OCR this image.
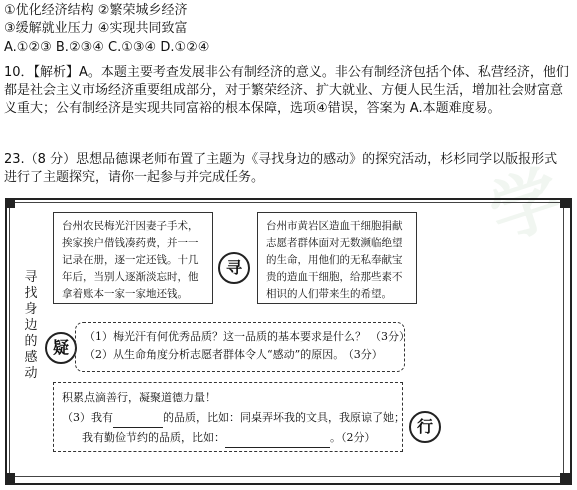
学
①优化经济结构 ②繁荣城乡经济
③缓解就业压力 ④实现共同致富
A.①②③ B.②③④ C.①③④ D.①②④
10．【解析】A。本题主要考查发展非公有制经济的意义。非公有制经济包括个体、私营经济，他们都是社会主义市场经济重要组成部分，对于繁荣经济、扩大就业、方便人民生活，增加社会财富意义重大；公有制经济是实现共同富裕的根本保障，选项④错误，答案为 A.本题难度易。
23.（8 分）思想品德课老师布置了主题为《寻找身边的感动》的探究活动，杉杉同学以版报形式进行了主题探究，请你一起参与并完成任务。
寻找身边的感动
台州农民梅光汗因妻子手术，挨家挨户借钱凑药费，并一一记录在册，逐一定还钱。十几年后，当别人逐渐淡忘时，他拿着账本一家一家地还钱。
台州市黄岩区造血干细胞捐献志愿者群体面对无数濒临绝望的生命，用他们的无私奉献宝贵的造血干细胞，给那些素不相识的人们带来生的希望。
寻
疑
（1）梅光汗有何优秀品质？这一品质的基本要求是什么？ （3分）
（2）从生命角度分析志愿者群体令人“感动”的原因。 （3分）
积累点滴善行，凝聚道德力量！
（3）我有	的品质，比如：同桌弄坏我的文具，我原谅了她；
我有勤俭节约的品质，比如：	。（2分）
行
